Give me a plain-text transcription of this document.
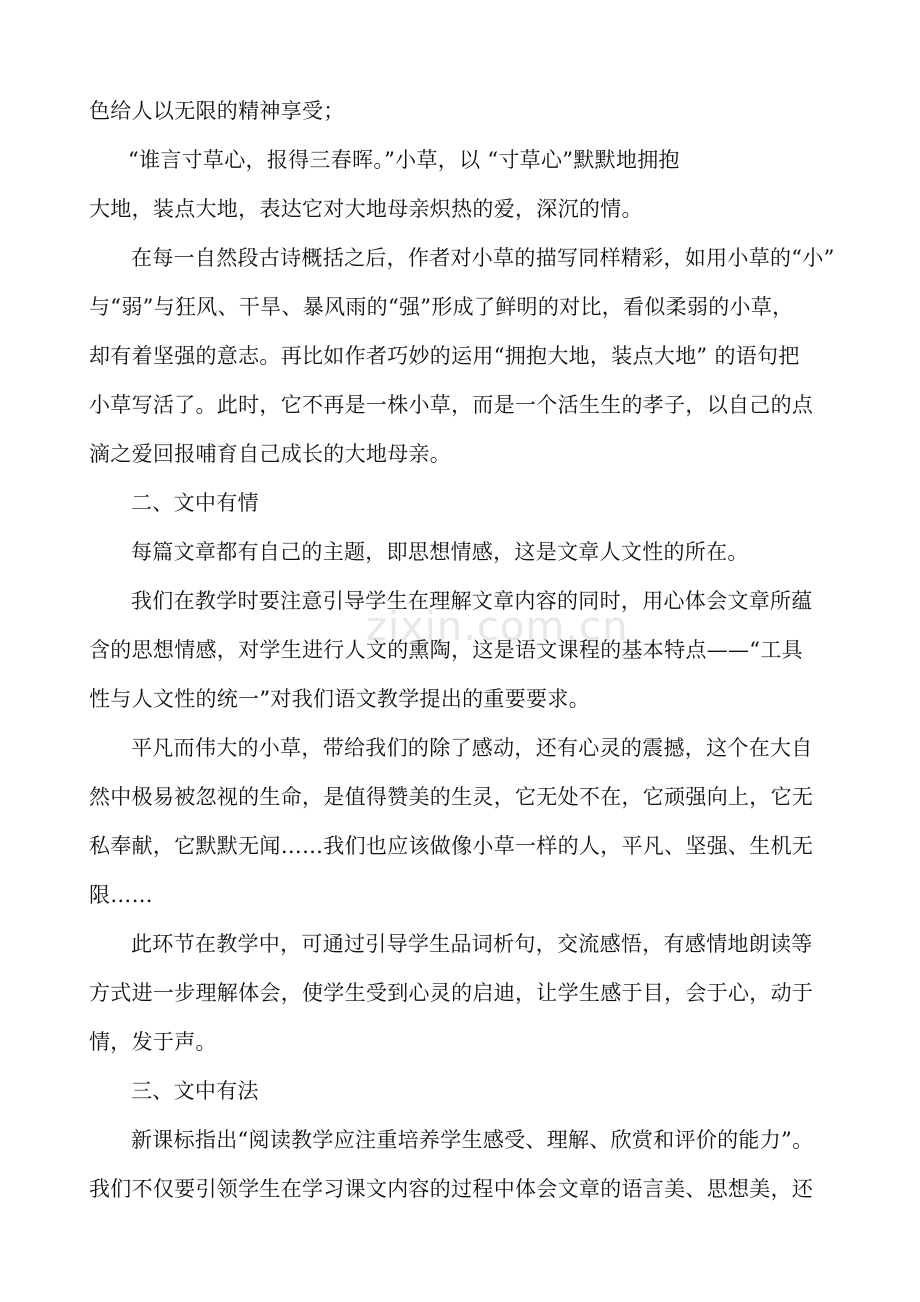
zixin.com.cn
色给人以无限的精神享受；
“谁言寸草心，报得三春晖。”小草，以 “寸草心”默默地拥抱
大地，装点大地，表达它对大地母亲炽热的爱，深沉的情。
在每一自然段古诗概括之后，作者对小草的描写同样精彩，如用小草的“小”
与“弱”与狂风、干旱、暴风雨的“强”形成了鲜明的对比，看似柔弱的小草，
却有着坚强的意志。再比如作者巧妙的运用“拥抱大地，装点大地” 的语句把
小草写活了。此时，它不再是一株小草，而是一个活生生的孝子，以自己的点
滴之爱回报哺育自己成长的大地母亲。
二、文中有情
每篇文章都有自己的主题，即思想情感，这是文章人文性的所在。
我们在教学时要注意引导学生在理解文章内容的同时，用心体会文章所蕴
含的思想情感，对学生进行人文的熏陶，这是语文课程的基本特点——“工具
性与人文性的统一”对我们语文教学提出的重要要求。
平凡而伟大的小草，带给我们的除了感动，还有心灵的震撼，这个在大自
然中极易被忽视的生命，是值得赞美的生灵，它无处不在，它顽强向上，它无
私奉献，它默默无闻……我们也应该做像小草一样的人，平凡、坚强、生机无
限……
此环节在教学中，可通过引导学生品词析句，交流感悟，有感情地朗读等
方式进一步理解体会，使学生受到心灵的启迪，让学生感于目，会于心，动于
情，发于声。
三、文中有法
新课标指出“阅读教学应注重培养学生感受、理解、欣赏和评价的能力”。
我们不仅要引领学生在学习课文内容的过程中体会文章的语言美、思想美，还
